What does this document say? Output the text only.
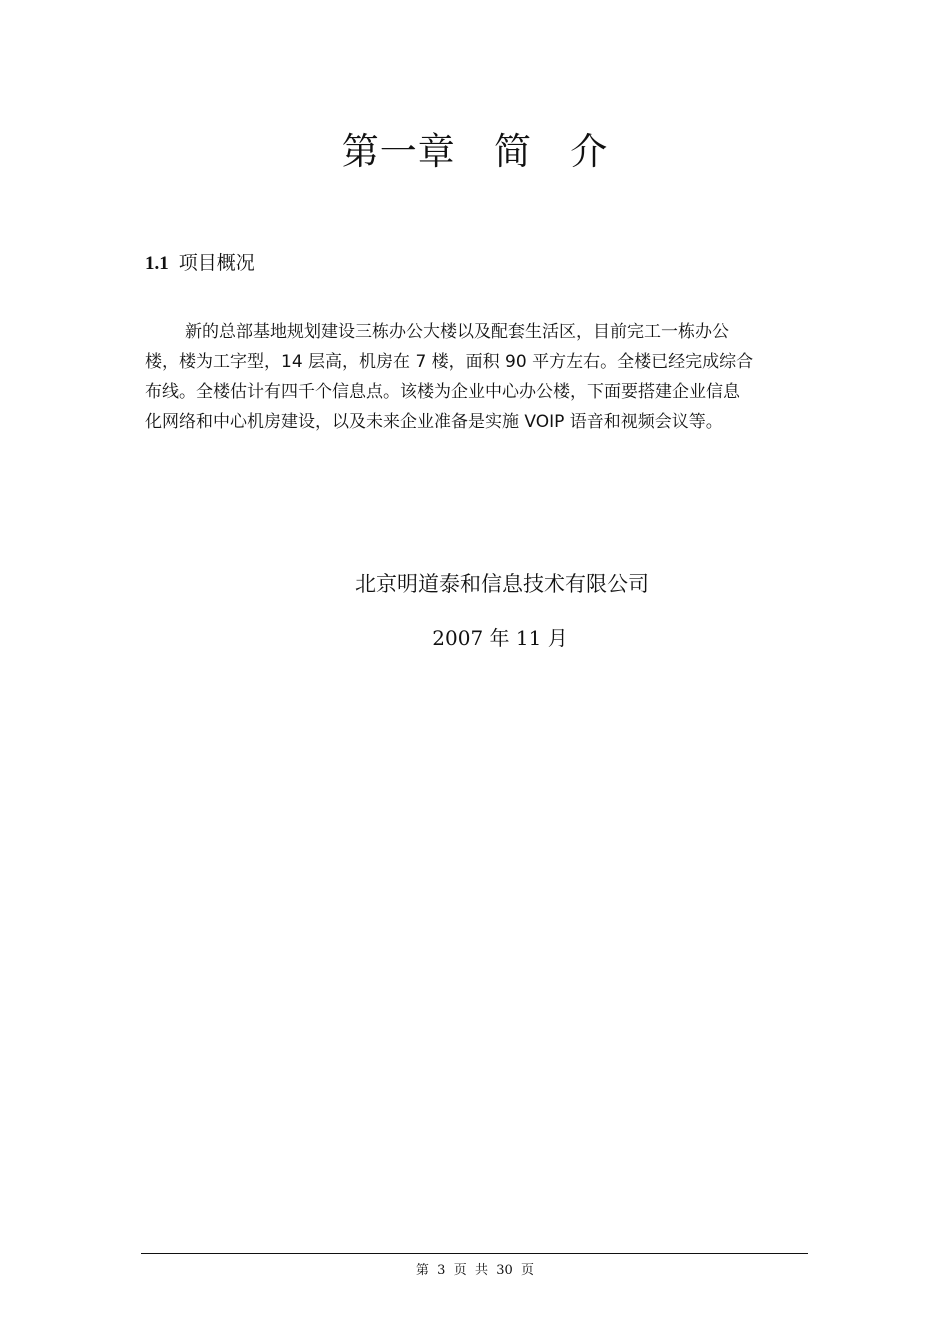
第一章   简   介
1.1 项目概况

新的总部基地规划建设三栋办公大楼以及配套生活区，目前完工一栋办公
楼，楼为工字型，14 层高，机房在 7 楼，面积 90 平方左右。全楼已经完成综合
布线。全楼估计有四千个信息点。该楼为企业中心办公楼，下面要搭建企业信息
化网络和中心机房建设，以及未来企业准备是实施 VOIP 语音和视频会议等。

北京明道泰和信息技术有限公司

2007 年 11 月

第  3  页  共  30  页
